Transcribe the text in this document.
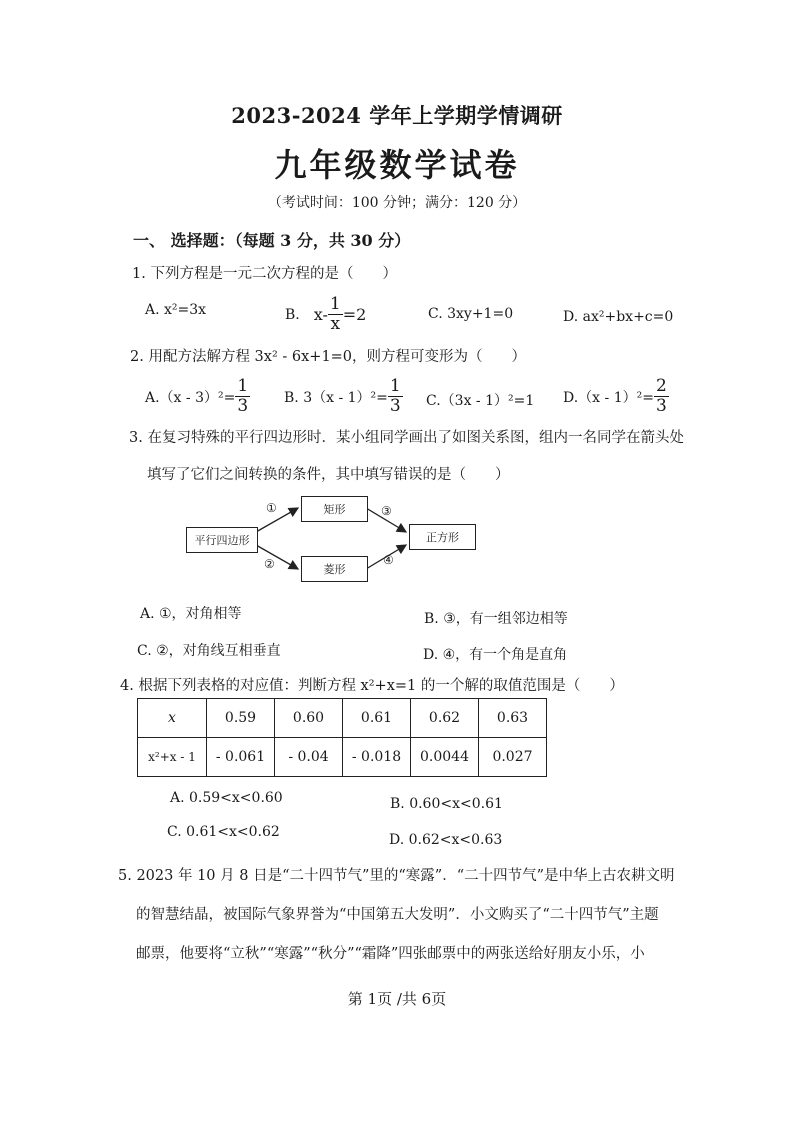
2023-2024 学年上学期学情调研
九年级数学试卷
（考试时间：100 分钟；满分：120 分）
一、 选择题：（每题 3 分，共 30 分）
1. 下列方程是一元二次方程的是（　　）
A. x²=3x	B. $x- \frac{1}{x} =2$	C. 3xy+1=0	D. ax²+bx+c=0
2. 用配方法解方程 3x² - 6x+1=0，则方程可变形为（　　）
$A.(x - 3)^2= \frac{1}{3} B$. $3(x - 1)^2= \frac{1}{3} C.(3x - 1)^2=1$ $D.(x - 1)^2= \frac{2}{3}$
3. 在复习特殊的平行四边形时．某小组同学画出了如图关系图，组内一名同学在箭头处
填写了它们之间转换的条件，其中填写错误的是（　　）
平行四边形
矩形
菱形
正方形
①
②
③
④
A. ①，对角相等	B. ③，有一组邻边相等
C. ②，对角线互相垂直	D. ④，有一个角是直角
4. 根据下列表格的对应值：判断方程 x²+x=1 的一个解的取值范围是（　　）
x	0.59	0.60	0.61	0.62	0.63
x²+x - 1	- 0.061	- 0.04	- 0.018	0.0044	0.027
A. 0.59<x<0.60	B. 0.60<x<0.61
C. 0.61<x<0.62	D. 0.62<x<0.63
5. 2023 年 10 月 8 日是“二十四节气”里的“寒露”．“二十四节气”是中华上古农耕文明
的智慧结晶，被国际气象界誉为“中国第五大发明”．小文购买了“二十四节气”主题
邮票，他要将“立秋”“寒露”“秋分”“霜降”四张邮票中的两张送给好朋友小乐，小
第 1页 /共 6页
